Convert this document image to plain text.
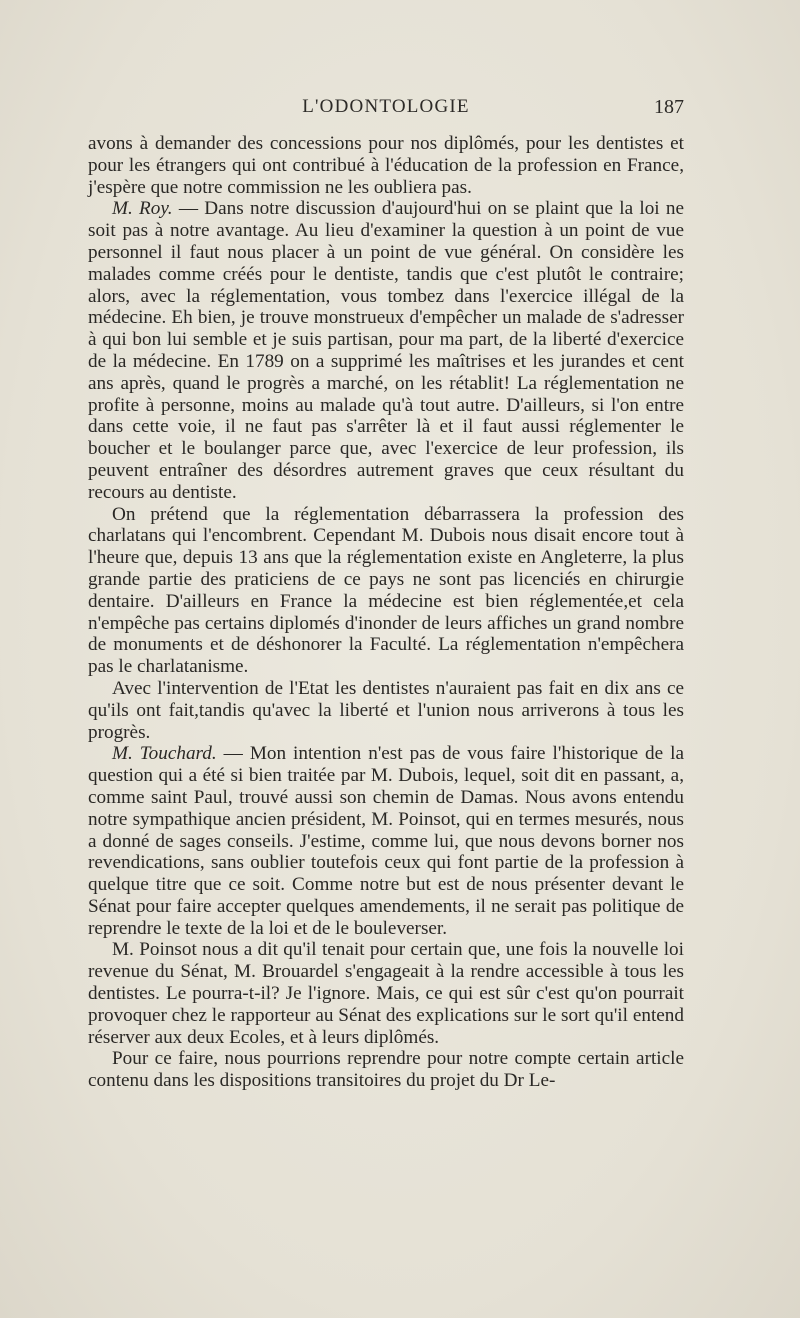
L'ODONTOLOGIE	187

avons à demander des concessions pour nos diplômés, pour les dentistes et pour les étrangers qui ont contribué à l'éducation de la profession en France, j'espère que notre commission ne les oubliera pas.

M. Roy. — Dans notre discussion d'aujourd'hui on se plaint que la loi ne soit pas à notre avantage. Au lieu d'examiner la question à un point de vue personnel il faut nous placer à un point de vue général. On considère les malades comme créés pour le dentiste, tandis que c'est plutôt le contraire; alors, avec la réglementation, vous tombez dans l'exercice illégal de la médecine. Eh bien, je trouve monstrueux d'empêcher un malade de s'adresser à qui bon lui semble et je suis partisan, pour ma part, de la liberté d'exercice de la médecine. En 1789 on a supprimé les maîtrises et les jurandes et cent ans après, quand le progrès a marché, on les rétablit! La réglementation ne profite à personne, moins au malade qu'à tout autre. D'ailleurs, si l'on entre dans cette voie, il ne faut pas s'arrêter là et il faut aussi réglementer le boucher et le boulanger parce que, avec l'exercice de leur profession, ils peuvent entraîner des désordres autrement graves que ceux résultant du recours au dentiste.

On prétend que la réglementation débarrassera la profession des charlatans qui l'encombrent. Cependant M. Dubois nous disait encore tout à l'heure que, depuis 13 ans que la réglementation existe en Angleterre, la plus grande partie des praticiens de ce pays ne sont pas licenciés en chirurgie dentaire. D'ailleurs en France la médecine est bien réglementée,et cela n'empêche pas certains diplomés d'inonder de leurs affiches un grand nombre de monuments et de déshonorer la Faculté. La réglementation n'empêchera pas le charlatanisme.

Avec l'intervention de l'Etat les dentistes n'auraient pas fait en dix ans ce qu'ils ont fait,tandis qu'avec la liberté et l'union nous arriverons à tous les progrès.

M. Touchard. — Mon intention n'est pas de vous faire l'historique de la question qui a été si bien traitée par M. Dubois, lequel, soit dit en passant, a, comme saint Paul, trouvé aussi son chemin de Damas. Nous avons entendu notre sympathique ancien président, M. Poinsot, qui en termes mesurés, nous a donné de sages conseils. J'estime, comme lui, que nous devons borner nos revendications, sans oublier toutefois ceux qui font partie de la profession à quelque titre que ce soit. Comme notre but est de nous présenter devant le Sénat pour faire accepter quelques amendements, il ne serait pas politique de reprendre le texte de la loi et de le bouleverser.

M. Poinsot nous a dit qu'il tenait pour certain que, une fois la nouvelle loi revenue du Sénat, M. Brouardel s'engageait à la rendre accessible à tous les dentistes. Le pourra-t-il? Je l'ignore. Mais, ce qui est sûr c'est qu'on pourrait provoquer chez le rapporteur au Sénat des explications sur le sort qu'il entend réserver aux deux Ecoles, et à leurs diplômés.

Pour ce faire, nous pourrions reprendre pour notre compte certain article contenu dans les dispositions transitoires du projet du Dr Le-
